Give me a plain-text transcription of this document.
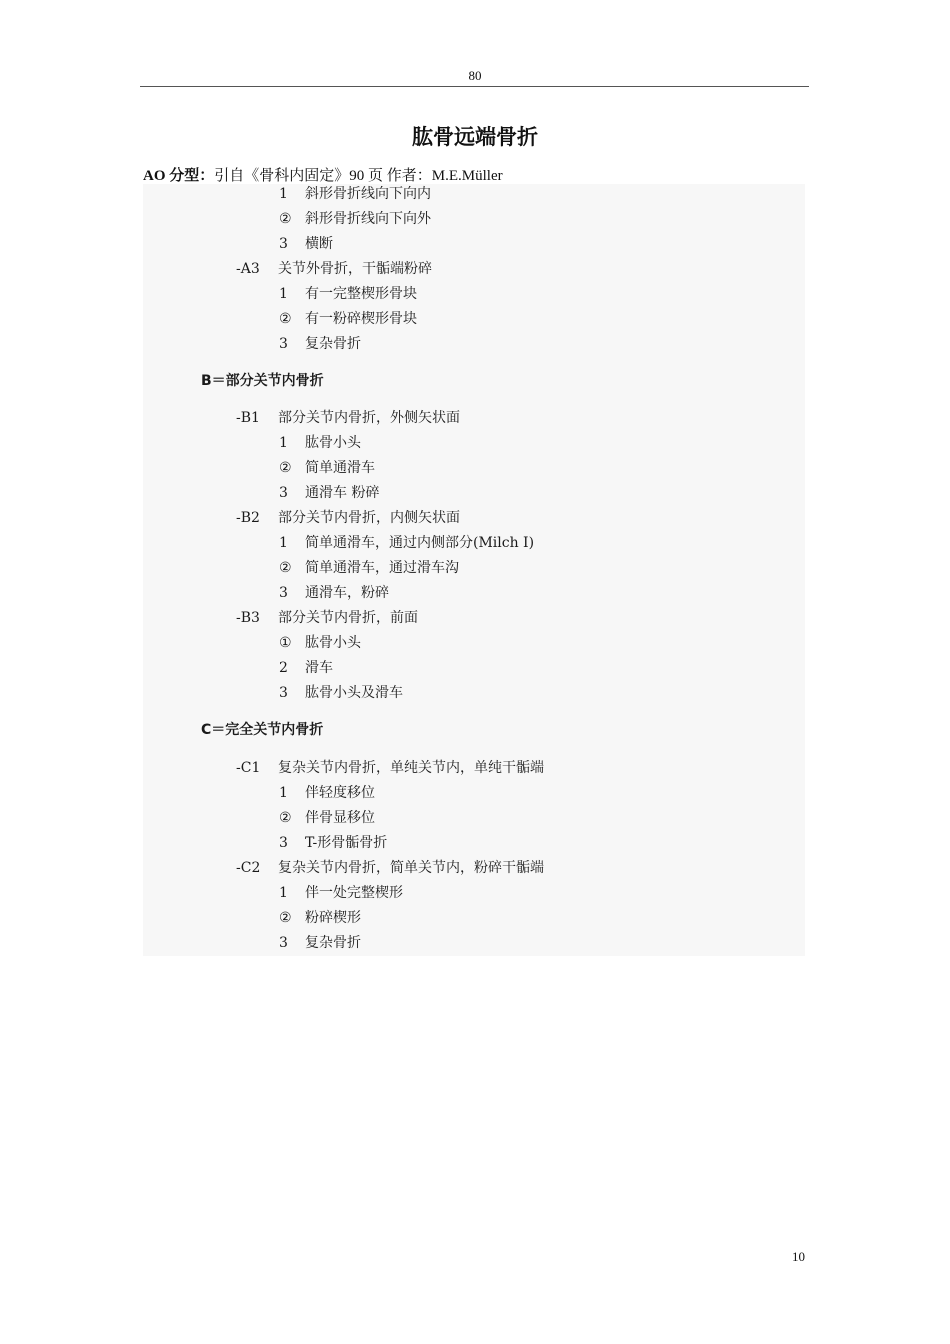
80
肱骨远端骨折
AO 分型：引自《骨科内固定》90 页 作者：M.E.Müller
1 斜形骨折线向下向内
② 斜形骨折线向下向外
3 横断
-A3 关节外骨折，干骺端粉碎
1 有一完整楔形骨块
② 有一粉碎楔形骨块
3 复杂骨折
B＝部分关节内骨折
-B1 部分关节内骨折，外侧矢状面
1 肱骨小头
② 简单通滑车
3 通滑车 粉碎
-B2 部分关节内骨折，内侧矢状面
1 简单通滑车，通过内侧部分(Milch I)
② 简单通滑车，通过滑车沟
3 通滑车，粉碎
-B3 部分关节内骨折，前面
① 肱骨小头
2 滑车
3 肱骨小头及滑车
C＝完全关节内骨折
-C1 复杂关节内骨折，单纯关节内，单纯干骺端
1 伴轻度移位
② 伴骨显移位
3 T-形骨骺骨折
-C2 复杂关节内骨折，简单关节内，粉碎干骺端
1 伴一处完整楔形
② 粉碎楔形
3 复杂骨折
10
